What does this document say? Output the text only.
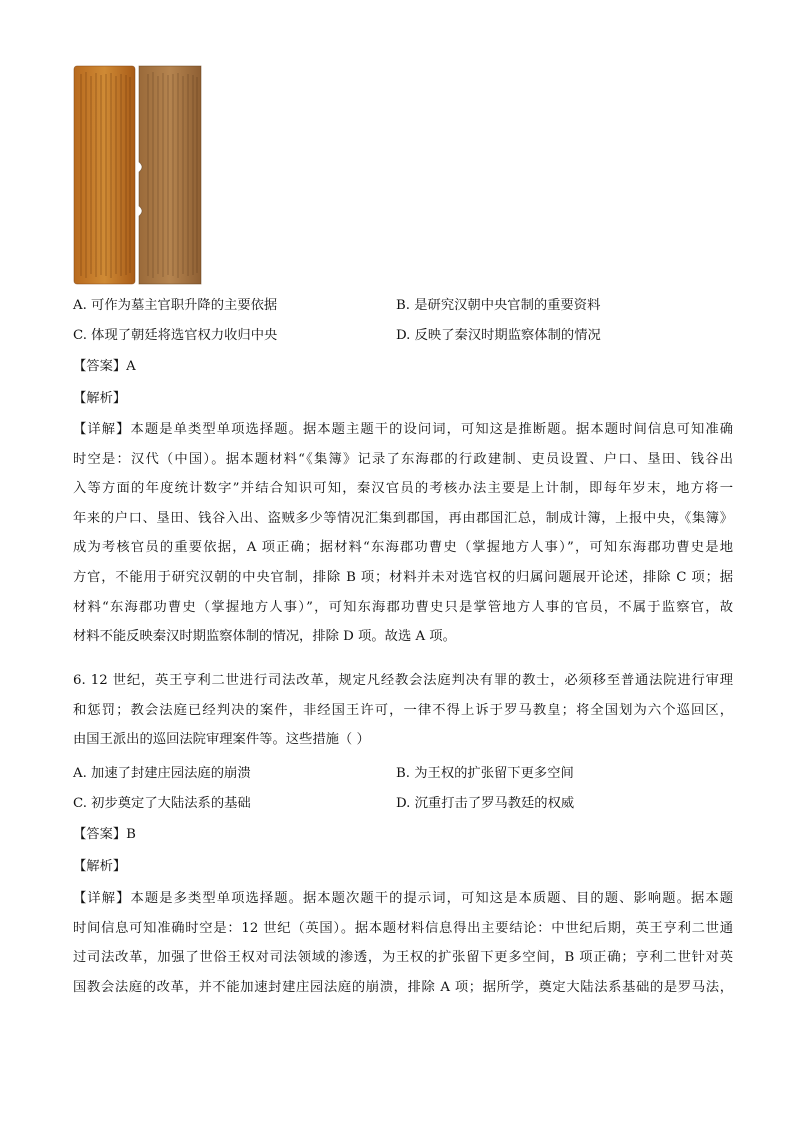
A. 可作为墓主官职升降的主要依据	B. 是研究汉朝中央官制的重要资料
C. 体现了朝廷将选官权力收归中央	D. 反映了秦汉时期监察体制的情况
【答案】A
【解析】
【详解】本题是单类型单项选择题。据本题主题干的设问词，可知这是推断题。据本题时间信息可知准确
时空是：汉代（中国）。据本题材料“《集簿》记录了东海郡的行政建制、吏员设置、户口、垦田、钱谷出
入等方面的年度统计数字”并结合知识可知，秦汉官员的考核办法主要是上计制，即每年岁末，地方将一
年来的户口、垦田、钱谷入出、盗贼多少等情况汇集到郡国，再由郡国汇总，制成计簿，上报中央，《集簿》
成为考核官员的重要依据，A 项正确；据材料“东海郡功曹史（掌握地方人事）”，可知东海郡功曹史是地
方官，不能用于研究汉朝的中央官制，排除 B 项；材料并未对选官权的归属问题展开论述，排除 C 项；据
材料“东海郡功曹史（掌握地方人事）”，可知东海郡功曹史只是掌管地方人事的官员，不属于监察官，故
材料不能反映秦汉时期监察体制的情况，排除 D 项。故选 A 项。
6. 12 世纪，英王亨利二世进行司法改革，规定凡经教会法庭判决有罪的教士，必须移至普通法院进行审理
和惩罚；教会法庭已经判决的案件，非经国王许可，一律不得上诉于罗马教皇；将全国划为六个巡回区，
由国王派出的巡回法院审理案件等。这些措施（ ）
A. 加速了封建庄园法庭的崩溃	B. 为王权的扩张留下更多空间
C. 初步奠定了大陆法系的基础	D. 沉重打击了罗马教廷的权威
【答案】B
【解析】
【详解】本题是多类型单项选择题。据本题次题干的提示词，可知这是本质题、目的题、影响题。据本题
时间信息可知准确时空是：12 世纪（英国）。据本题材料信息得出主要结论：中世纪后期，英王亨利二世通
过司法改革，加强了世俗王权对司法领域的渗透，为王权的扩张留下更多空间，B 项正确；亨利二世针对英
国教会法庭的改革，并不能加速封建庄园法庭的崩溃，排除 A 项；据所学，奠定大陆法系基础的是罗马法，
